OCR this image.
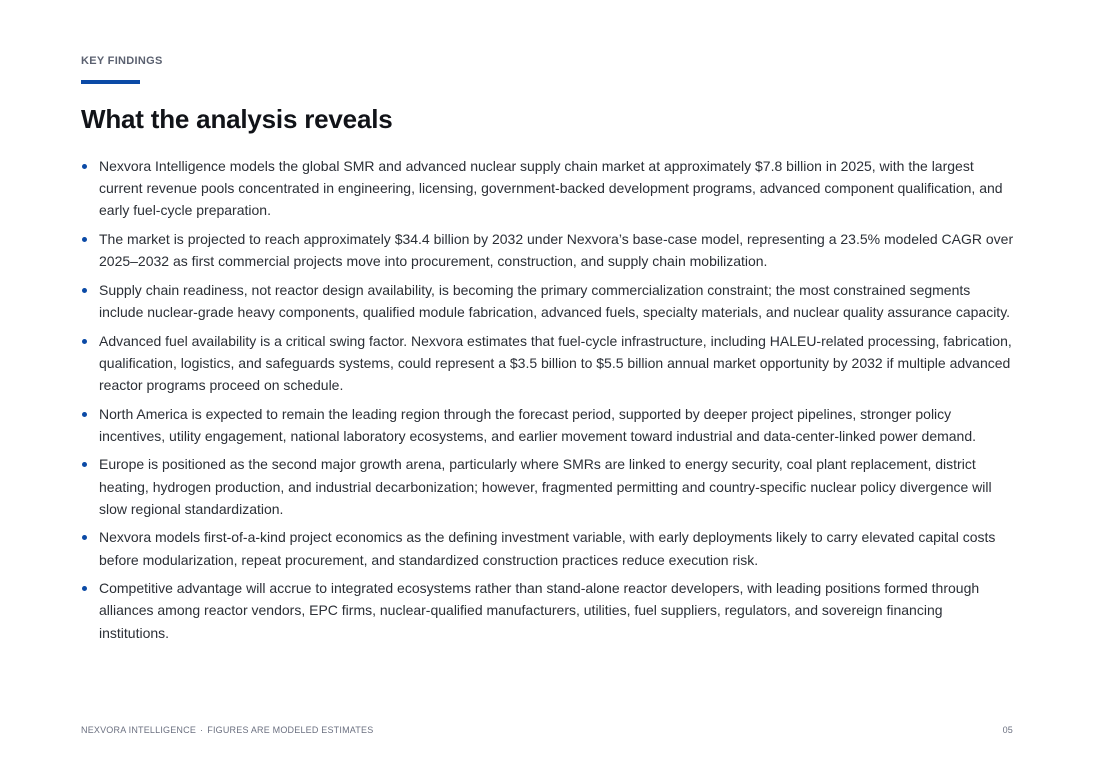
KEY FINDINGS
What the analysis reveals
Nexvora Intelligence models the global SMR and advanced nuclear supply chain market at approximately $7.8 billion in 2025, with the largest current revenue pools concentrated in engineering, licensing, government-backed development programs, advanced component qualification, and early fuel-cycle preparation.
The market is projected to reach approximately $34.4 billion by 2032 under Nexvora’s base-case model, representing a 23.5% modeled CAGR over 2025–2032 as first commercial projects move into procurement, construction, and supply chain mobilization.
Supply chain readiness, not reactor design availability, is becoming the primary commercialization constraint; the most constrained segments include nuclear-grade heavy components, qualified module fabrication, advanced fuels, specialty materials, and nuclear quality assurance capacity.
Advanced fuel availability is a critical swing factor. Nexvora estimates that fuel-cycle infrastructure, including HALEU-related processing, fabrication, qualification, logistics, and safeguards systems, could represent a $3.5 billion to $5.5 billion annual market opportunity by 2032 if multiple advanced reactor programs proceed on schedule.
North America is expected to remain the leading region through the forecast period, supported by deeper project pipelines, stronger policy incentives, utility engagement, national laboratory ecosystems, and earlier movement toward industrial and data-center-linked power demand.
Europe is positioned as the second major growth arena, particularly where SMRs are linked to energy security, coal plant replacement, district heating, hydrogen production, and industrial decarbonization; however, fragmented permitting and country-specific nuclear policy divergence will slow regional standardization.
Nexvora models first-of-a-kind project economics as the defining investment variable, with early deployments likely to carry elevated capital costs before modularization, repeat procurement, and standardized construction practices reduce execution risk.
Competitive advantage will accrue to integrated ecosystems rather than stand-alone reactor developers, with leading positions formed through alliances among reactor vendors, EPC firms, nuclear-qualified manufacturers, utilities, fuel suppliers, regulators, and sovereign financing institutions.
NEXVORA INTELLIGENCE · FIGURES ARE MODELED ESTIMATES	05
